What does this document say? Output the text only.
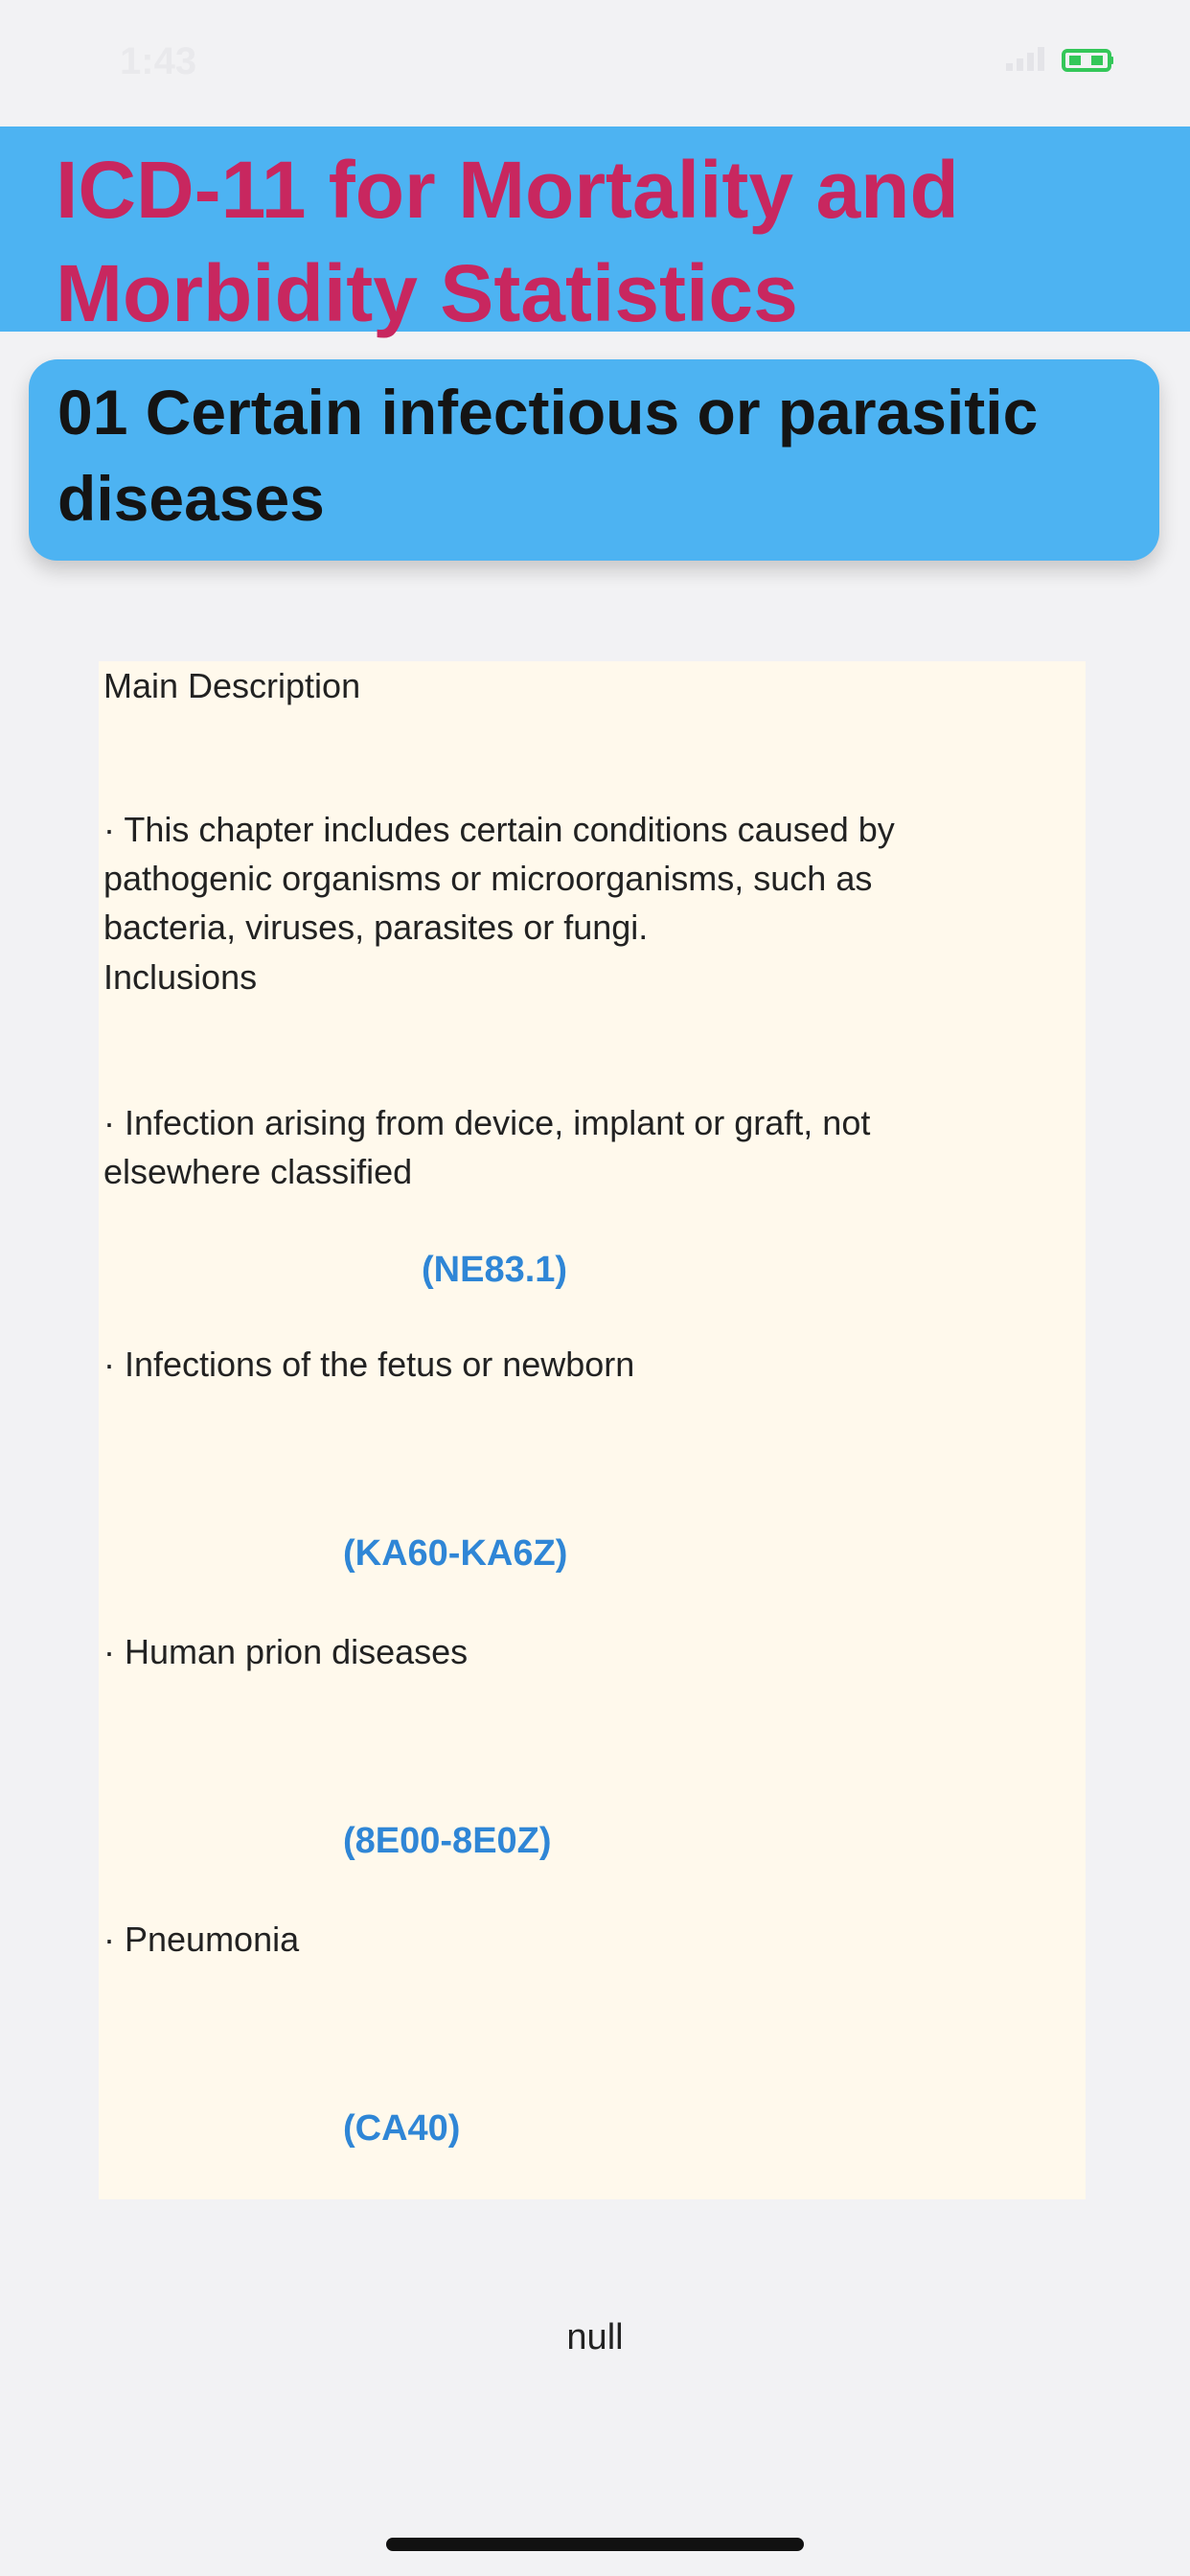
1:43
ICD-11 for Mortality and Morbidity Statistics
01 Certain infectious or parasitic diseases

Main Description

· This chapter includes certain conditions caused by
pathogenic organisms or microorganisms, such as
bacteria, viruses, parasites or fungi.

Inclusions

· Infection arising from device, implant or graft, not
elsewhere classified

(NE83.1)

· Infections of the fetus or newborn

(KA60-KA6Z)

· Human prion diseases

(8E00-8E0Z)

· Pneumonia

(CA40)
null
